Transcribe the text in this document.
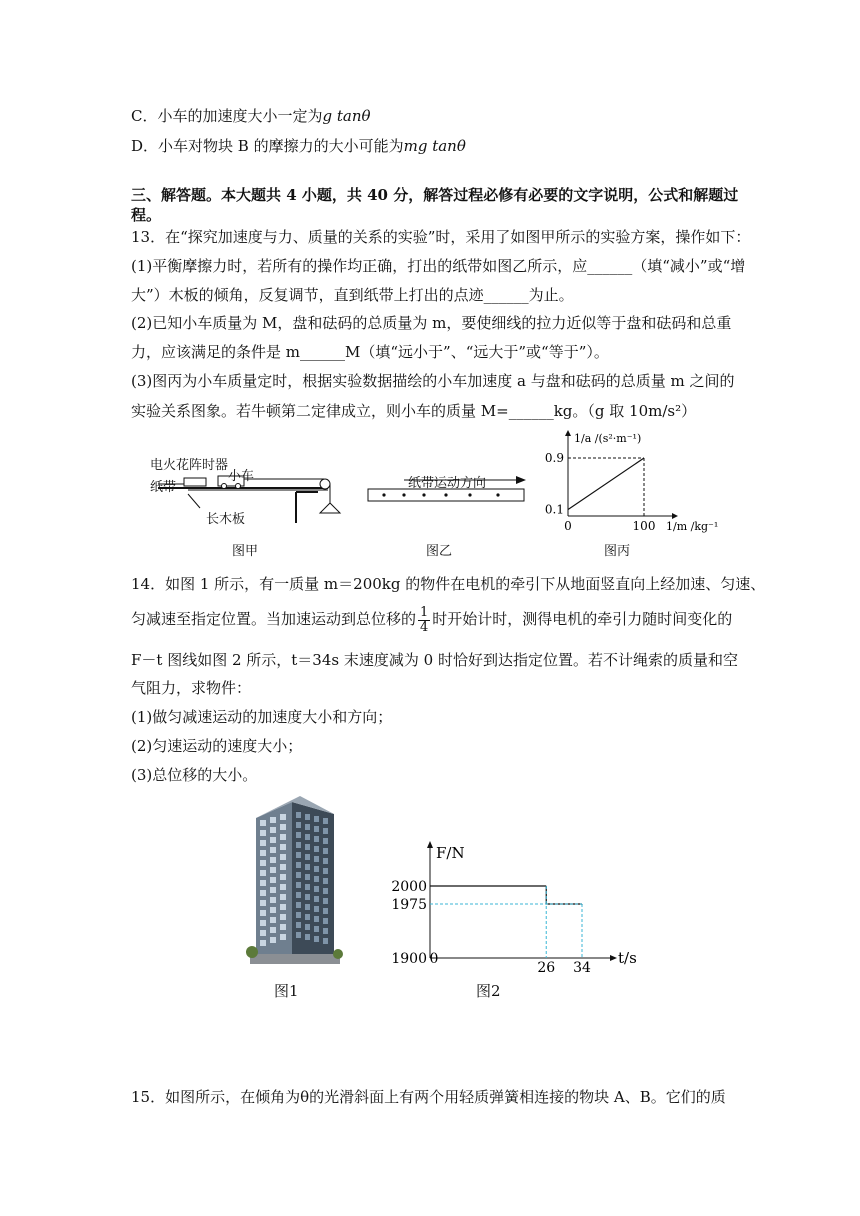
C．小车的加速度大小一定为g tanθ
D．小车对物块 B 的摩擦力的大小可能为mg tanθ
三、解答题。本大题共 4 小题，共 40 分，解答过程必修有必要的文字说明，公式和解题过
程。
13．在“探究加速度与力、质量的关系的实验”时，采用了如图甲所示的实验方案，操作如下：
(1)平衡摩擦力时，若所有的操作均正确，打出的纸带如图乙所示，应______（填“减小”或“增
大”）木板的倾角，反复调节，直到纸带上打出的点迹______为止。
(2)已知小车质量为 M，盘和砝码的总质量为 m，要使细线的拉力近似等于盘和砝码和总重
力，应该满足的条件是 m______M（填“远小于”、“远大于”或“等于”）。
(3)图丙为小车质量定时，根据实验数据描绘的小车加速度 a 与盘和砝码的总质量 m 之间的
实验关系图象。若牛顿第二定律成立，则小车的质量 M=______kg。（g 取 10m/s²）
电火花阵时器
小车
纸带
长木板
图甲
纸带运动方向
图乙
0.9
0.1
0	100
1/a /(s²·m⁻¹)
1/m /kg⁻¹
图丙
14．如图 1 所示，有一质量 m＝200kg 的物件在电机的牵引下从地面竖直向上经加速、匀速、
匀减速至指定位置。当加速运动到总位移的 $\frac{1}{4}$ 时开始计时，测得电机的牵引力随时间变化的
F－t 图线如图 2 所示，t＝34s 末速度减为 0 时恰好到达指定位置。若不计绳索的质量和空
气阻力，求物件：
(1)做匀减速运动的加速度大小和方向；
(2)匀速运动的速度大小；
(3)总位移的大小。
图1
1900
1975
2000
0
26 34
F/N
t/s
图2
15．如图所示，在倾角为θ的光滑斜面上有两个用轻质弹簧相连接的物块 A、B。它们的质
